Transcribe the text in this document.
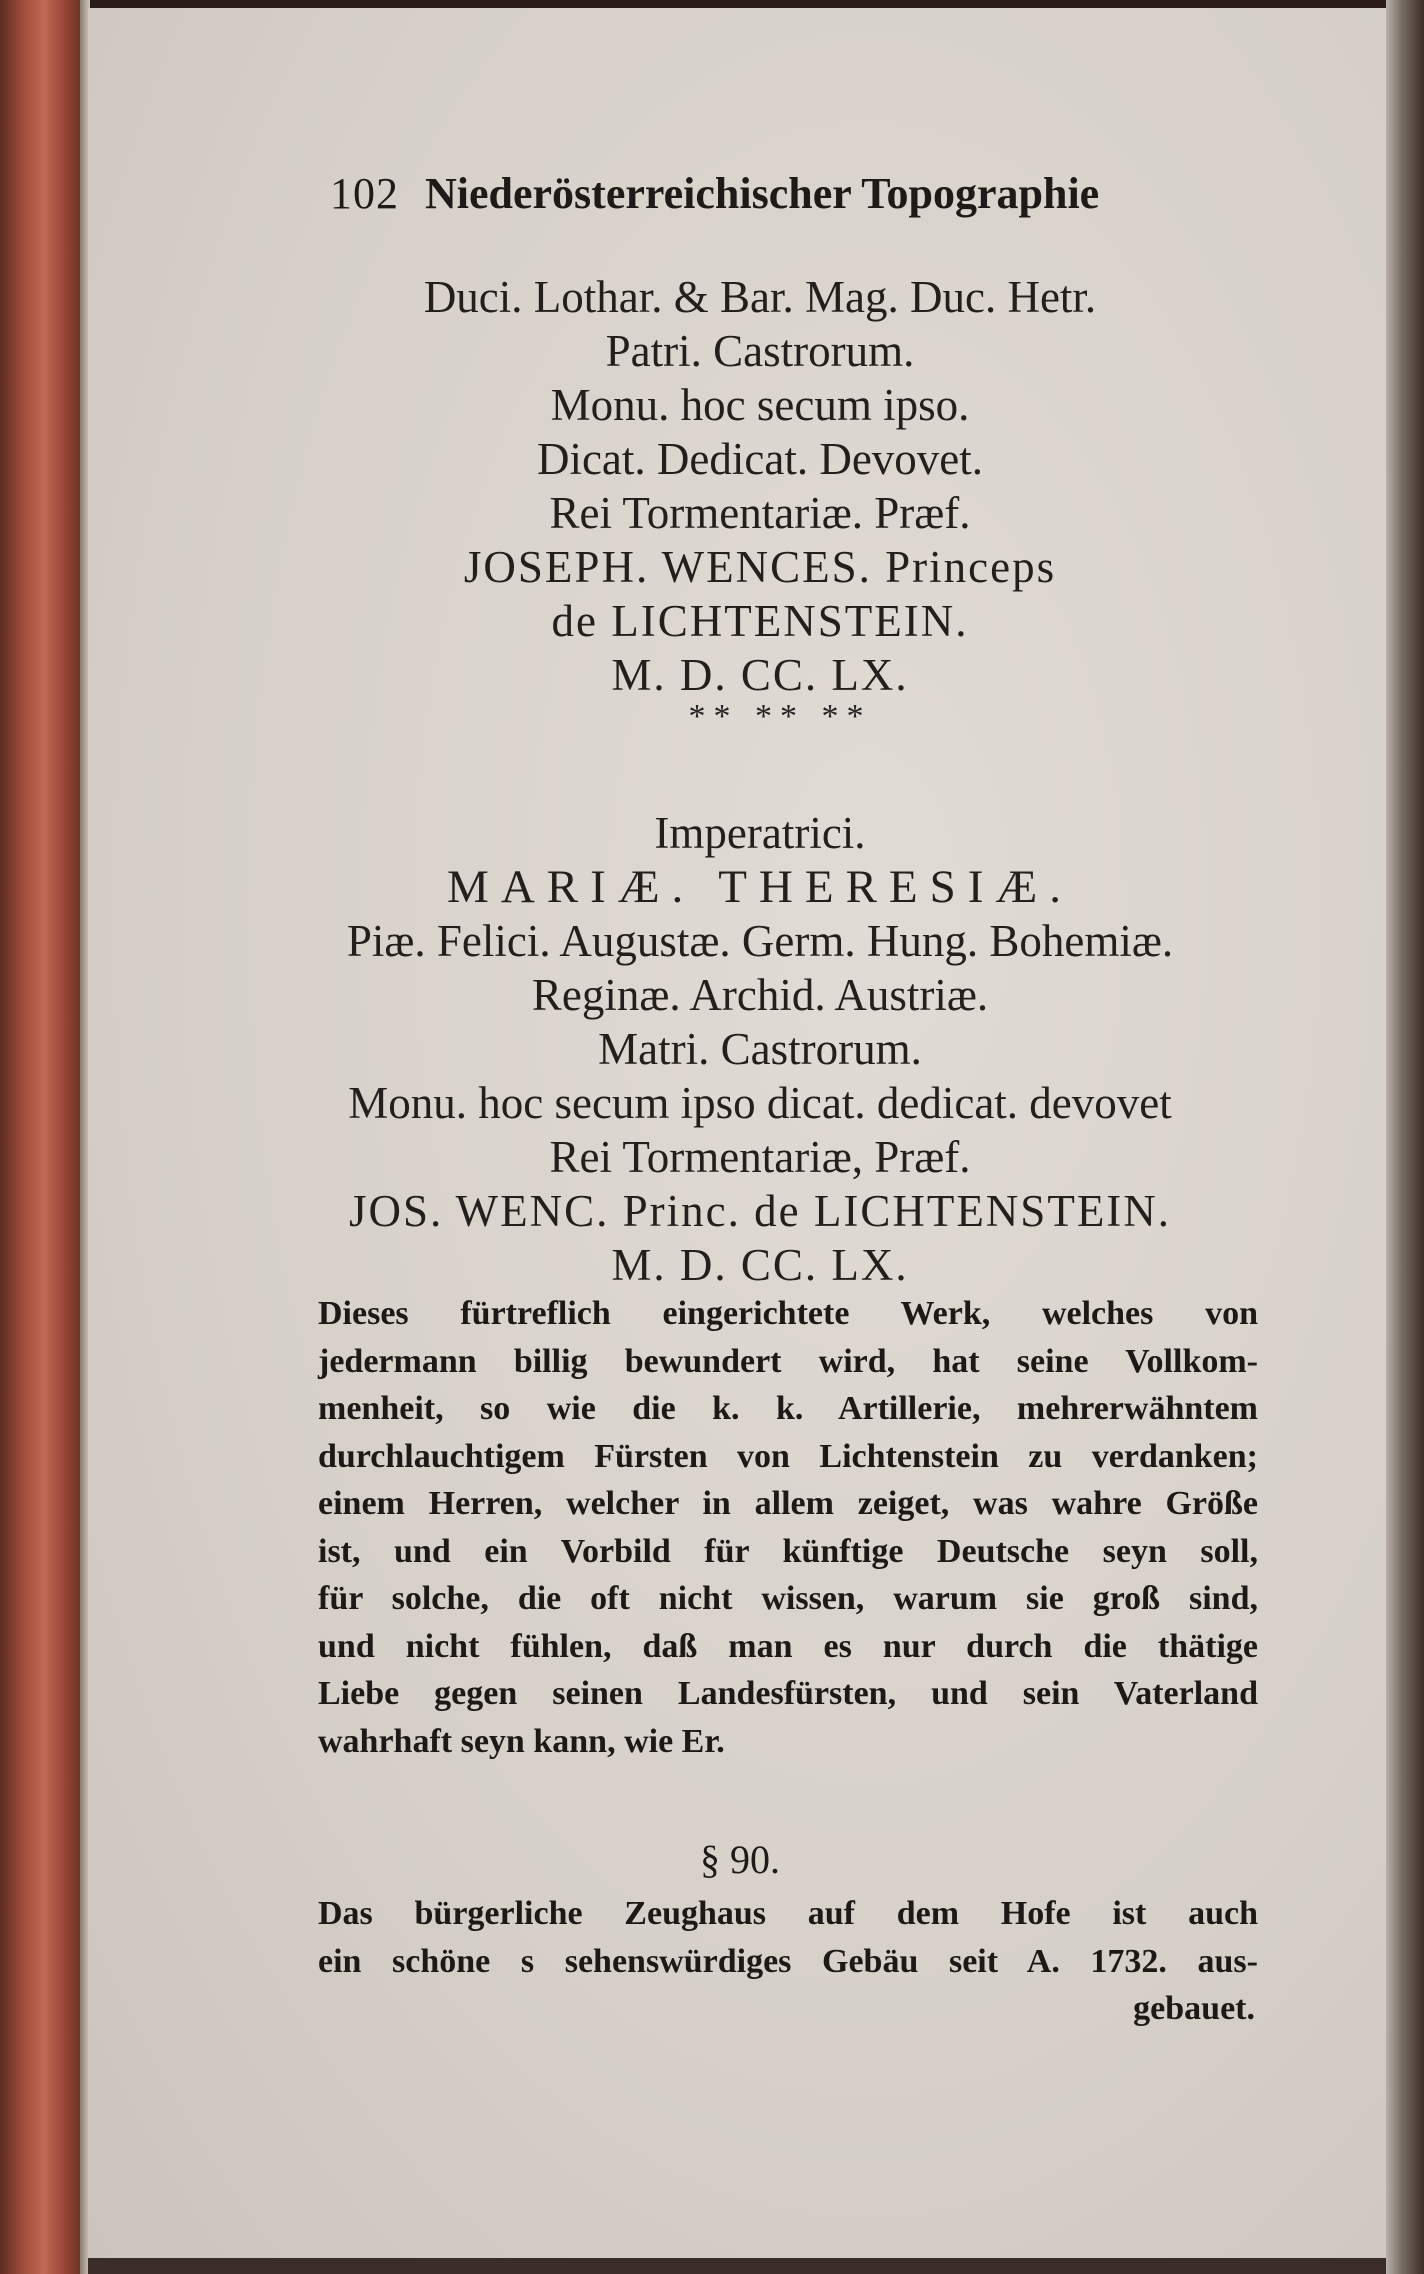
102 Niederösterreichischer Topographie
Duci. Lothar. & Bar. Mag. Duc. Hetr.
Patri. Castrorum.
Monu. hoc secum ipso.
Dicat. Dedicat. Devovet.
Rei Tormentariæ. Præf.
JOSEPH. WENCES. Princeps
de LICHTENSTEIN.
M. D. CC. LX.
** ** **
Imperatrici.
MARIÆ. THERESIÆ.
Piæ. Felici. Augustæ. Germ. Hung. Bohemiæ.
Reginæ. Archid. Austriæ.
Matri. Castrorum.
Monu. hoc secum ipso dicat. dedicat. devovet
Rei Tormentariæ, Præf.
JOS. WENC. Princ. de LICHTENSTEIN.
M. D. CC. LX.
Dieses fürtreflich eingerichtete Werk, welches von
jedermann billig bewundert wird, hat seine Vollkom-
menheit, so wie die k. k. Artillerie, mehrerwähntem
durchlauchtigem Fürsten von Lichtenstein zu verdanken;
einem Herren, welcher in allem zeiget, was wahre Größe
ist, und ein Vorbild für künftige Deutsche seyn soll,
für solche, die oft nicht wissen, warum sie groß sind,
und nicht fühlen, daß man es nur durch die thätige
Liebe gegen seinen Landesfürsten, und sein Vaterland
wahrhaft seyn kann, wie Er.
§ 90.
Das bürgerliche Zeughaus auf dem Hofe ist auch
ein schöne s sehenswürdiges Gebäu seit A. 1732. aus-
gebauet.
